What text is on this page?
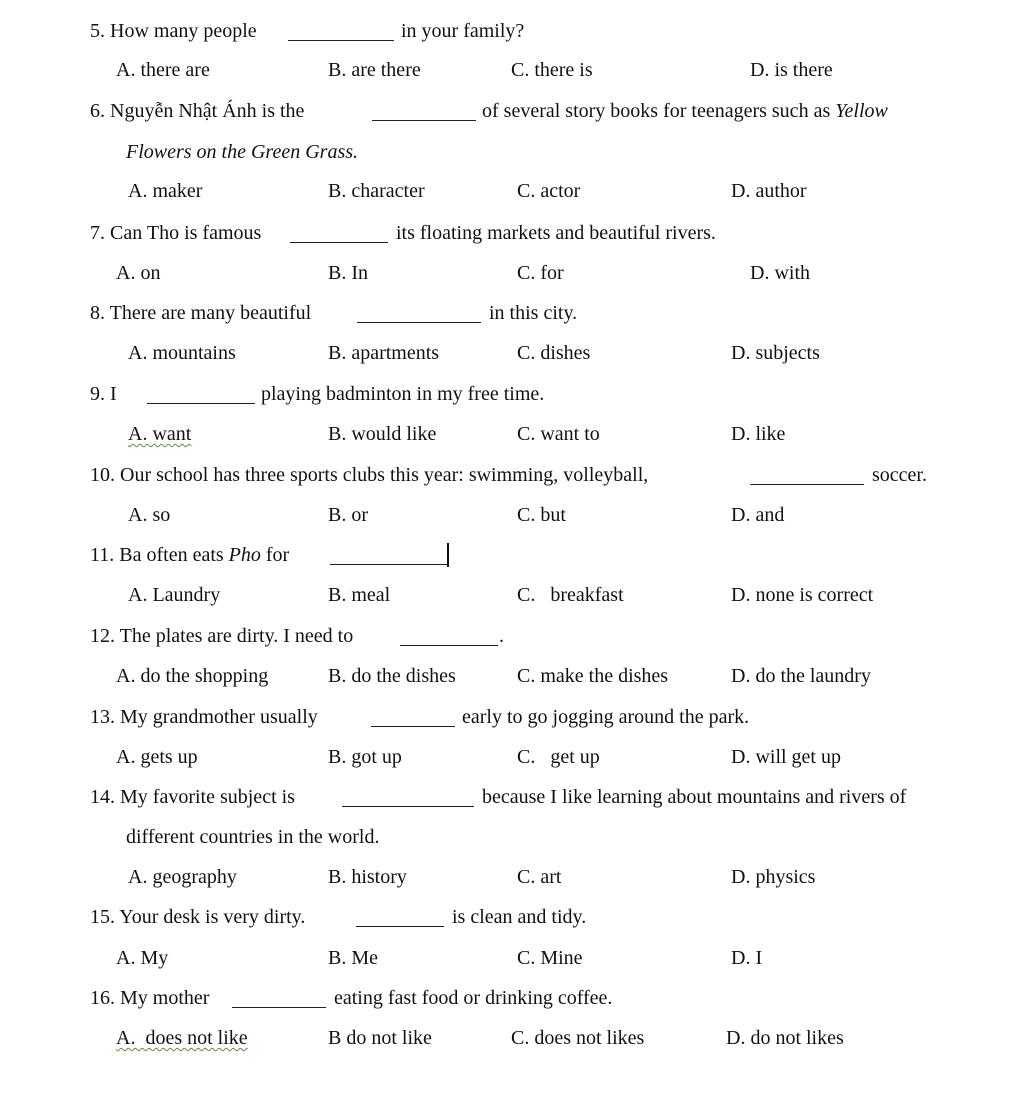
5. How many people	in your family?
A. there are	B. are there	C. there is	D. is there
6. Nguyễn Nhật Ánh is the	of several story books for teenagers such as Yellow
Flowers on the Green Grass.
A. maker	B. character	C. actor	D. author
7. Can Tho is famous	its floating markets and beautiful rivers.
A. on	B. In	C. for	D. with
8. There are many beautiful	in this city.
A. mountains	B. apartments	C. dishes	D. subjects
9. I	playing badminton in my free time.
A. want	B. would like	C. want to	D. like
10. Our school has three sports clubs this year: swimming, volleyball,	soccer.
A. so	B. or	C. but	D. and
11. Ba often eats Pho for
A. Laundry	B. meal	C.   breakfast	D. none is correct
12. The plates are dirty. I need to	.
A. do the shopping	B. do the dishes	C. make the dishes	D. do the laundry
13. My grandmother usually	early to go jogging around the park.
A. gets up	B. got up	C.   get up	D. will get up
14. My favorite subject is	because I like learning about mountains and rivers of
different countries in the world.
A. geography	B. history	C. art	D. physics
15. Your desk is very dirty.	is clean and tidy.
A. My	B. Me	C. Mine	D. I
16. My mother	eating fast food or drinking coffee.
A.  does not like	B do not like	C. does not likes	D. do not likes
